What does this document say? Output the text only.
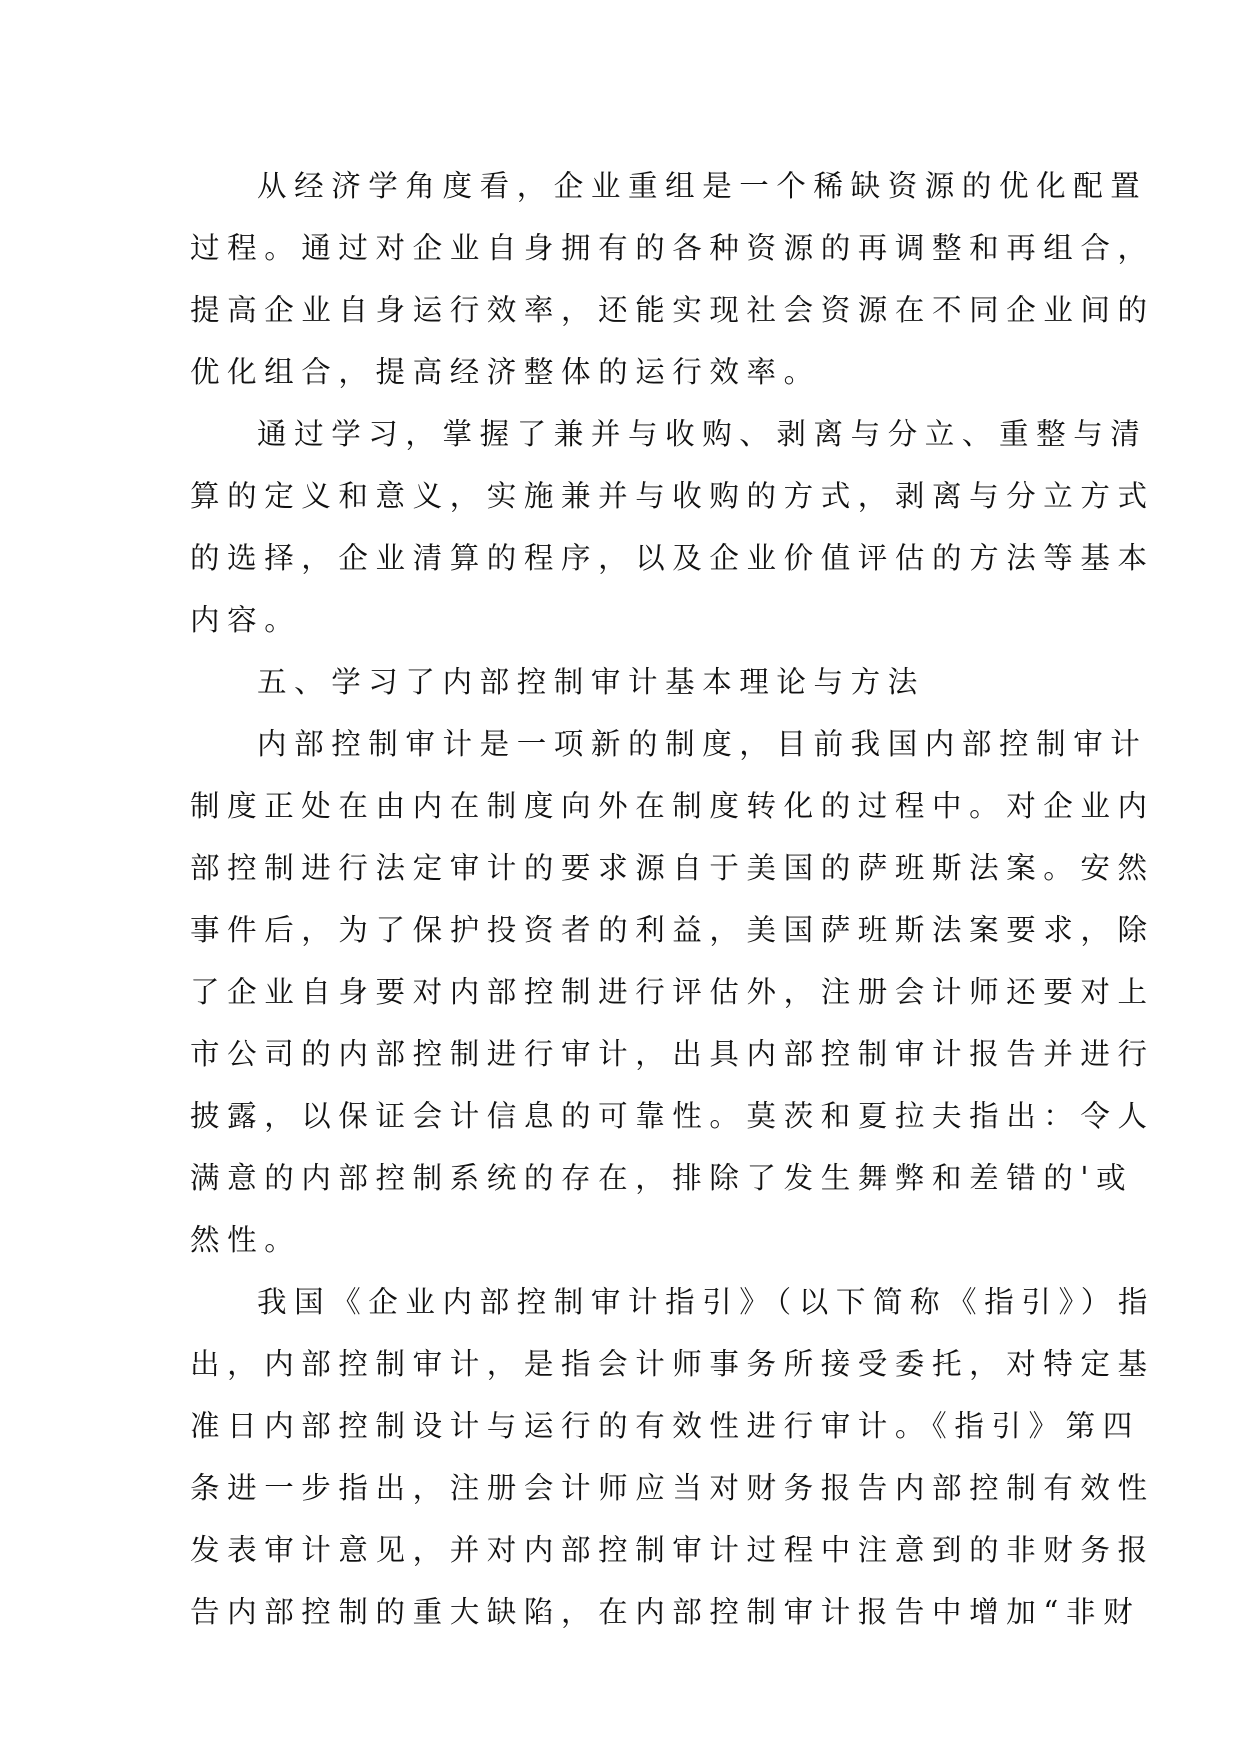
从经济学角度看，企业重组是一个稀缺资源的优化配置
过程。通过对企业自身拥有的各种资源的再调整和再组合，
提高企业自身运行效率，还能实现社会资源在不同企业间的
优化组合，提高经济整体的运行效率。
通过学习，掌握了兼并与收购、剥离与分立、重整与清
算的定义和意义，实施兼并与收购的方式，剥离与分立方式
的选择，企业清算的程序，以及企业价值评估的方法等基本
内容。
五、学习了内部控制审计基本理论与方法
内部控制审计是一项新的制度，目前我国内部控制审计
制度正处在由内在制度向外在制度转化的过程中。对企业内
部控制进行法定审计的要求源自于美国的萨班斯法案。安然
事件后，为了保护投资者的利益，美国萨班斯法案要求，除
了企业自身要对内部控制进行评估外，注册会计师还要对上
市公司的内部控制进行审计，出具内部控制审计报告并进行
披露，以保证会计信息的可靠性。莫茨和夏拉夫指出：令人
满意的内部控制系统的存在，排除了发生舞弊和差错的'或
然性。
我国《企业内部控制审计指引》（以下简称《指引》）指
出，内部控制审计，是指会计师事务所接受委托，对特定基
准日内部控制设计与运行的有效性进行审计。《指引》第四
条进一步指出，注册会计师应当对财务报告内部控制有效性
发表审计意见，并对内部控制审计过程中注意到的非财务报
告内部控制的重大缺陷，在内部控制审计报告中增加“非财
